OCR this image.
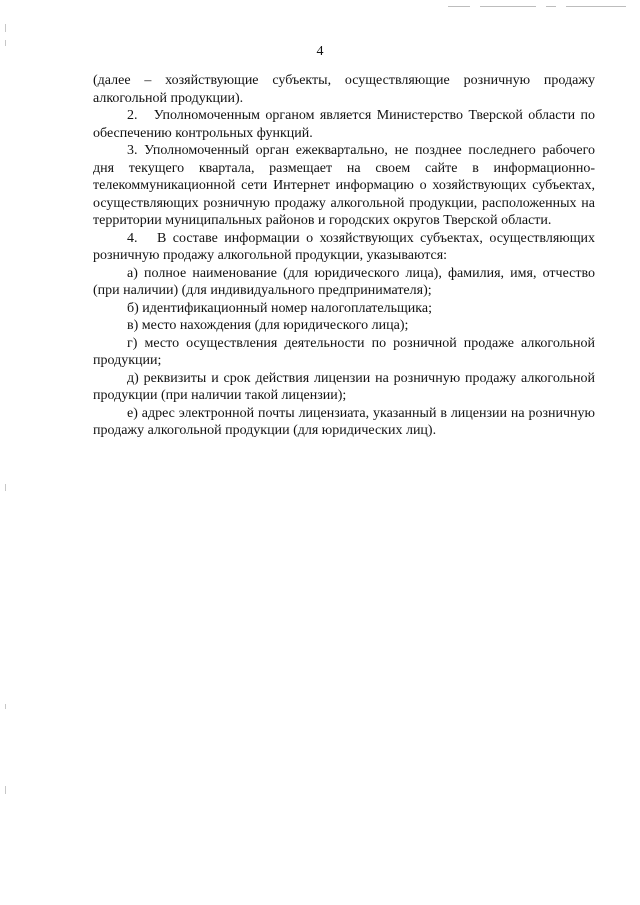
4

(далее – хозяйствующие субъекты, осуществляющие розничную продажу алкогольной продукции).

2.   Уполномоченным органом является Министерство Тверской области по обеспечению контрольных функций.

3. Уполномоченный орган ежеквартально, не позднее последнего рабочего дня текущего квартала, размещает на своем сайте в информационно-телекоммуникационной сети Интернет информацию о хозяйствующих субъектах, осуществляющих розничную продажу алкогольной продукции, расположенных на территории муниципальных районов и городских округов Тверской области.

4.   В составе информации о хозяйствующих субъектах, осуществляющих розничную продажу алкогольной продукции, указываются:

а) полное наименование (для юридического лица), фамилия, имя, отчество (при наличии) (для индивидуального предпринимателя);

б) идентификационный номер налогоплательщика;

в) место нахождения (для юридического лица);

г) место осуществления деятельности по розничной продаже алкогольной продукции;

д) реквизиты и срок действия лицензии на розничную продажу алкогольной продукции (при наличии такой лицензии);

е) адрес электронной почты лицензиата, указанный в лицензии на розничную продажу алкогольной продукции (для юридических лиц).
